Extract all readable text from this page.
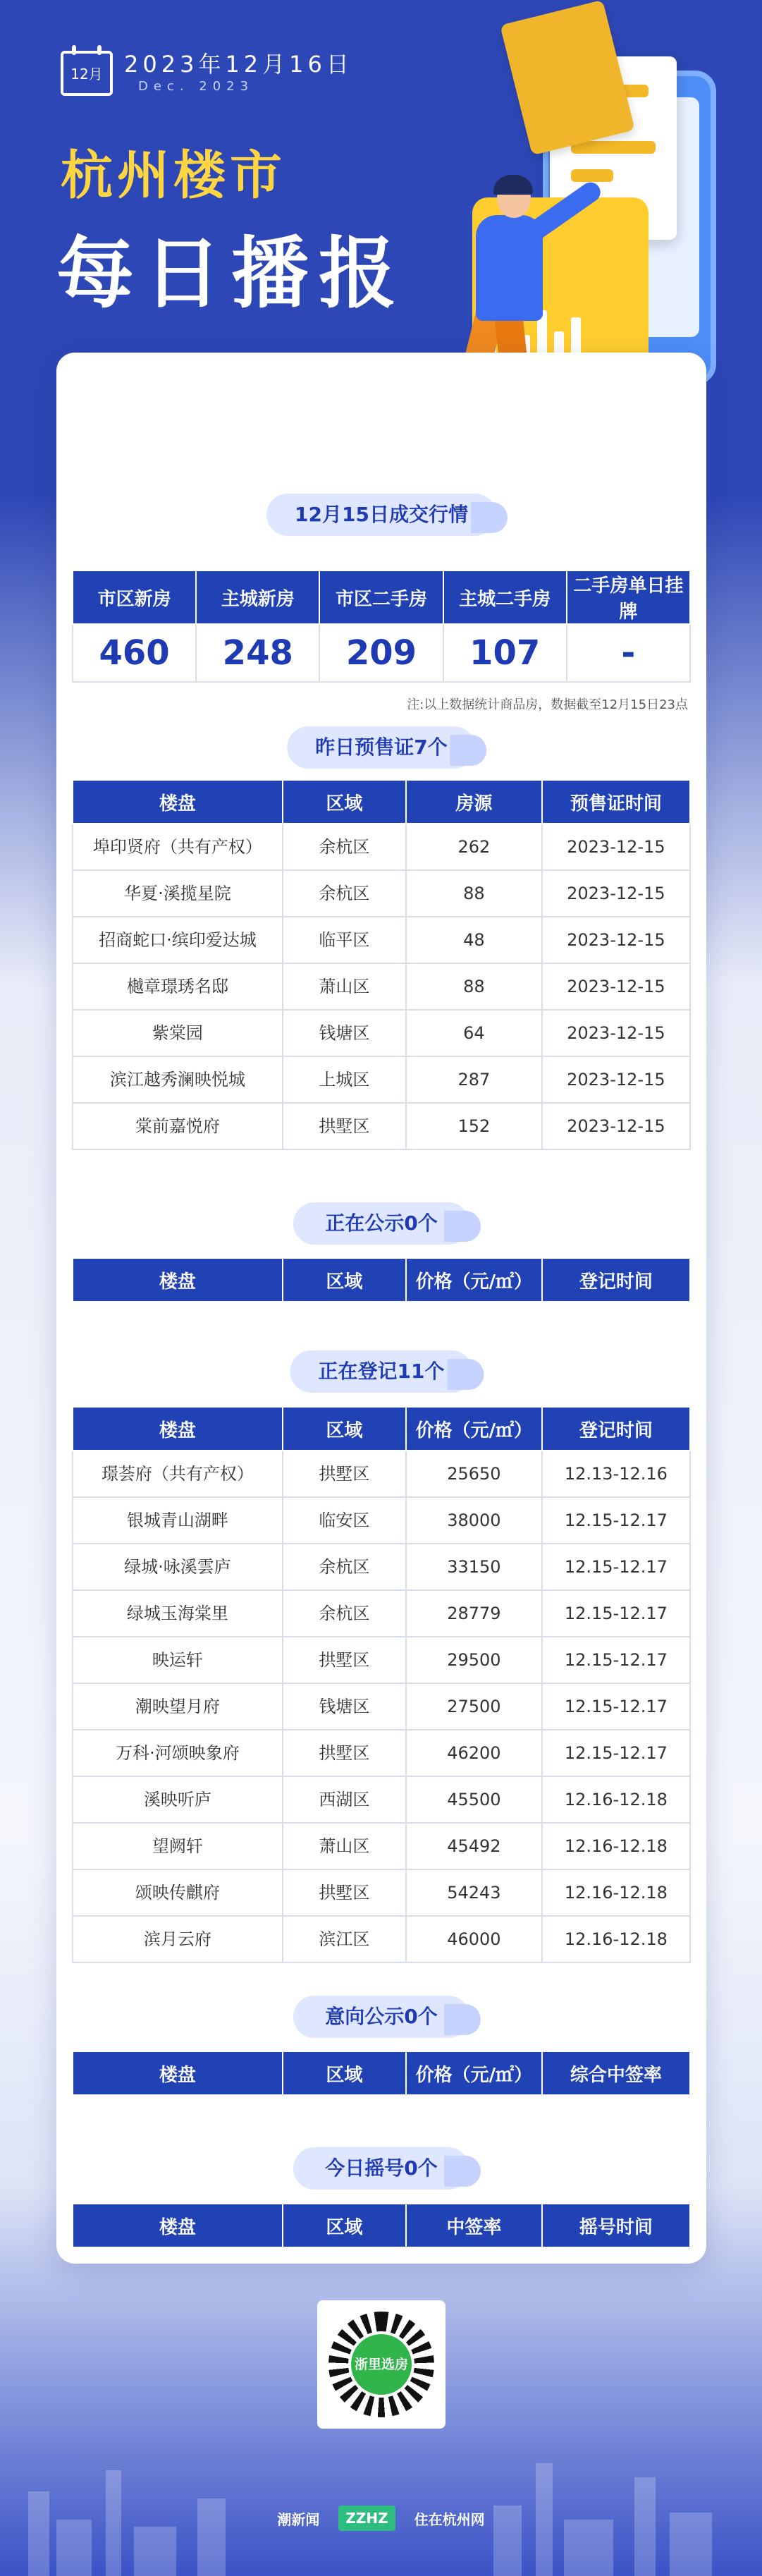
12月 2023年12月16日
Dec. 2023
杭州楼市
每日播报
12月15日成交行情
市区新房	主城新房	市区二手房	主城二手房	二手房单日挂牌
460	248	209	107	-
注:以上数据统计商品房，数据截至12月15日23点
昨日预售证7个
楼盘	区域	房源	预售证时间
埠印贤府（共有产权）	余杭区	262	2023-12-15
华夏·溪揽星院	余杭区	88	2023-12-15
招商蛇口·缤印爱达城	临平区	48	2023-12-15
樾章璟琇名邸	萧山区	88	2023-12-15
紫棠园	钱塘区	64	2023-12-15
滨江越秀澜映悦城	上城区	287	2023-12-15
棠前嘉悦府	拱墅区	152	2023-12-15
正在公示0个
楼盘	区域	价格（元/㎡）	登记时间
正在登记11个
楼盘	区域	价格（元/㎡）	登记时间
璟荟府（共有产权）	拱墅区	25650	12.13-12.16
银城青山湖畔	临安区	38000	12.15-12.17
绿城·咏溪雲庐	余杭区	33150	12.15-12.17
绿城玉海棠里	余杭区	28779	12.15-12.17
映运轩	拱墅区	29500	12.15-12.17
潮映望月府	钱塘区	27500	12.15-12.17
万科·河颂映象府	拱墅区	46200	12.15-12.17
溪映听庐	西湖区	45500	12.16-12.18
望阙轩	萧山区	45492	12.16-12.18
颂映传麒府	拱墅区	54243	12.16-12.18
滨月云府	滨江区	46000	12.16-12.18
意向公示0个
楼盘	区域	价格（元/㎡）	综合中签率
今日摇号0个
楼盘	区域	中签率	摇号时间
浙里选房
潮新闻 ZZHZ 住在杭州网
